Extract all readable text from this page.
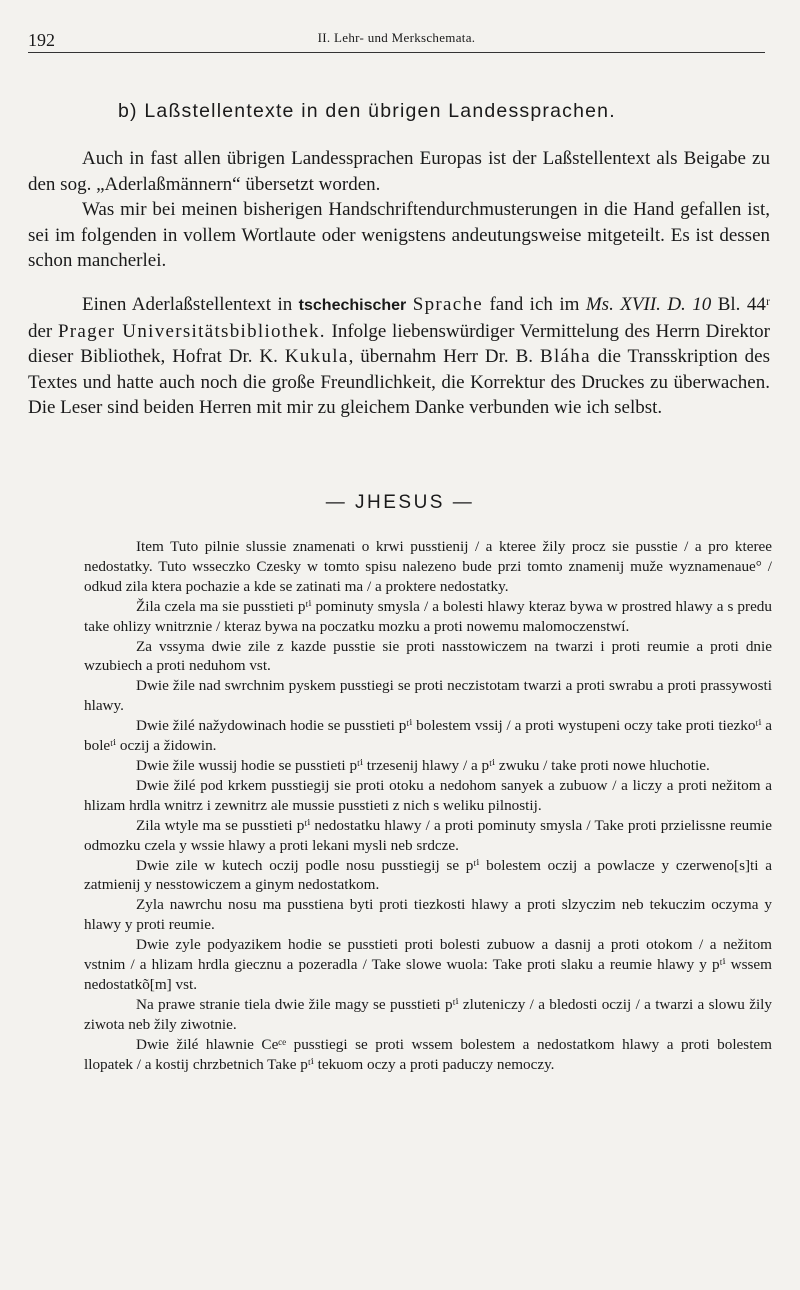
192	II. Lehr- und Merkschemata.
b) Laßstellentexte in den übrigen Landessprachen.

Auch in fast allen übrigen Landessprachen Europas ist der Laßstellentext als Beigabe zu den sog. „Aderlaßmännern“ übersetzt worden.

Was mir bei meinen bisherigen Handschriftendurchmusterungen in die Hand gefallen ist, sei im folgenden in vollem Wortlaute oder wenigstens andeutungsweise mitgeteilt. Es ist dessen schon mancherlei.

Einen Aderlaßstellentext in tschechischer Sprache fand ich im Ms. XVII. D. 10 Bl. 44ʳ der Prager Universitätsbibliothek. Infolge liebenswürdiger Vermittelung des Herrn Direktor dieser Bibliothek, Hofrat Dr. K. Kukula, übernahm Herr Dr. B. Bláha die Transskription des Textes und hatte auch noch die große Freundlichkeit, die Korrektur des Druckes zu überwachen. Die Leser sind beiden Herren mit mir zu gleichem Danke verbunden wie ich selbst.

— JHESUS —

Item Tuto pilnie slussie znamenati o krwi pusstienij / a kteree žily procz sie pusstie / a pro kteree nedostatky. Tuto wsseczko Czesky w tomto spisu nalezeno bude przi tomto znamenij muže wyznamenaue° / odkud zila ktera pochazie a kde se zatinati ma / a proktere nedostatky.

Žila czela ma sie pusstieti pᵗⁱ pominuty smysla / a bolesti hlawy kteraz bywa w prostred hlawy a s predu take ohlizy wnitrznie / kteraz bywa na poczatku mozku a proti nowemu malomoczenstwí.

Za vssyma dwie zile z kazde pusstie sie proti nasstowiczem na twarzi i proti reumie a proti dnie wzubiech a proti neduhom vst.

Dwie žile nad swrchnim pyskem pusstiegi se proti neczistotam twarzi a proti swrabu a proti prassywosti hlawy.

Dwie žilé nažydowinach hodie se pusstieti pᵗⁱ bolestem vssij / a proti wystupeni oczy take proti tiezkoᵗⁱ a boleᵗⁱ oczij a židowin.

Dwie žile wussij hodie se pusstieti pᵗⁱ trzesenij hlawy / a pᵗⁱ zwuku / take proti nowe hluchotie.

Dwie žilé pod krkem pusstiegij sie proti otoku a nedohom sanyek a zubuow / a liczy a proti nežitom a hlizam hrdla wnitrz i zewnitrz ale mussie pusstieti z nich s weliku pilnostij.

Zila wtyle ma se pusstieti pᵗⁱ nedostatku hlawy / a proti pominuty smysla / Take proti przielissne reumie odmozku czela y wssie hlawy a proti lekani mysli neb srdcze.

Dwie zile w kutech oczij podle nosu pusstiegij se pᵗⁱ bolestem oczij a powlacze y czerweno[s]ti a zatmienij y nesstowiczem a ginym nedostatkom.

Zyla nawrchu nosu ma pusstiena byti proti tiezkosti hlawy a proti slzyczim neb tekuczim oczyma y hlawy y proti reumie.

Dwie zyle podyazikem hodie se pusstieti proti bolesti zubuow a dasnij a proti otokom / a nežitom vstnim / a hlizam hrdla giecznu a pozeradla / Take slowe wuola: Take proti slaku a reumie hlawy y pᵗⁱ wssem nedostatkõ[m] vst.

Na prawe stranie tiela dwie žile magy se pusstieti pᵗⁱ zluteniczy / a bledosti oczij / a twarzi a slowu žily ziwota neb žily ziwotnie.

Dwie žilé hlawnie Ceᶜᵉ pusstiegi se proti wssem bolestem a nedostatkom hlawy a proti bolestem llopatek / a kostij chrzbetnich Take pᵗⁱ tekuom oczy a proti paduczy nemoczy.
